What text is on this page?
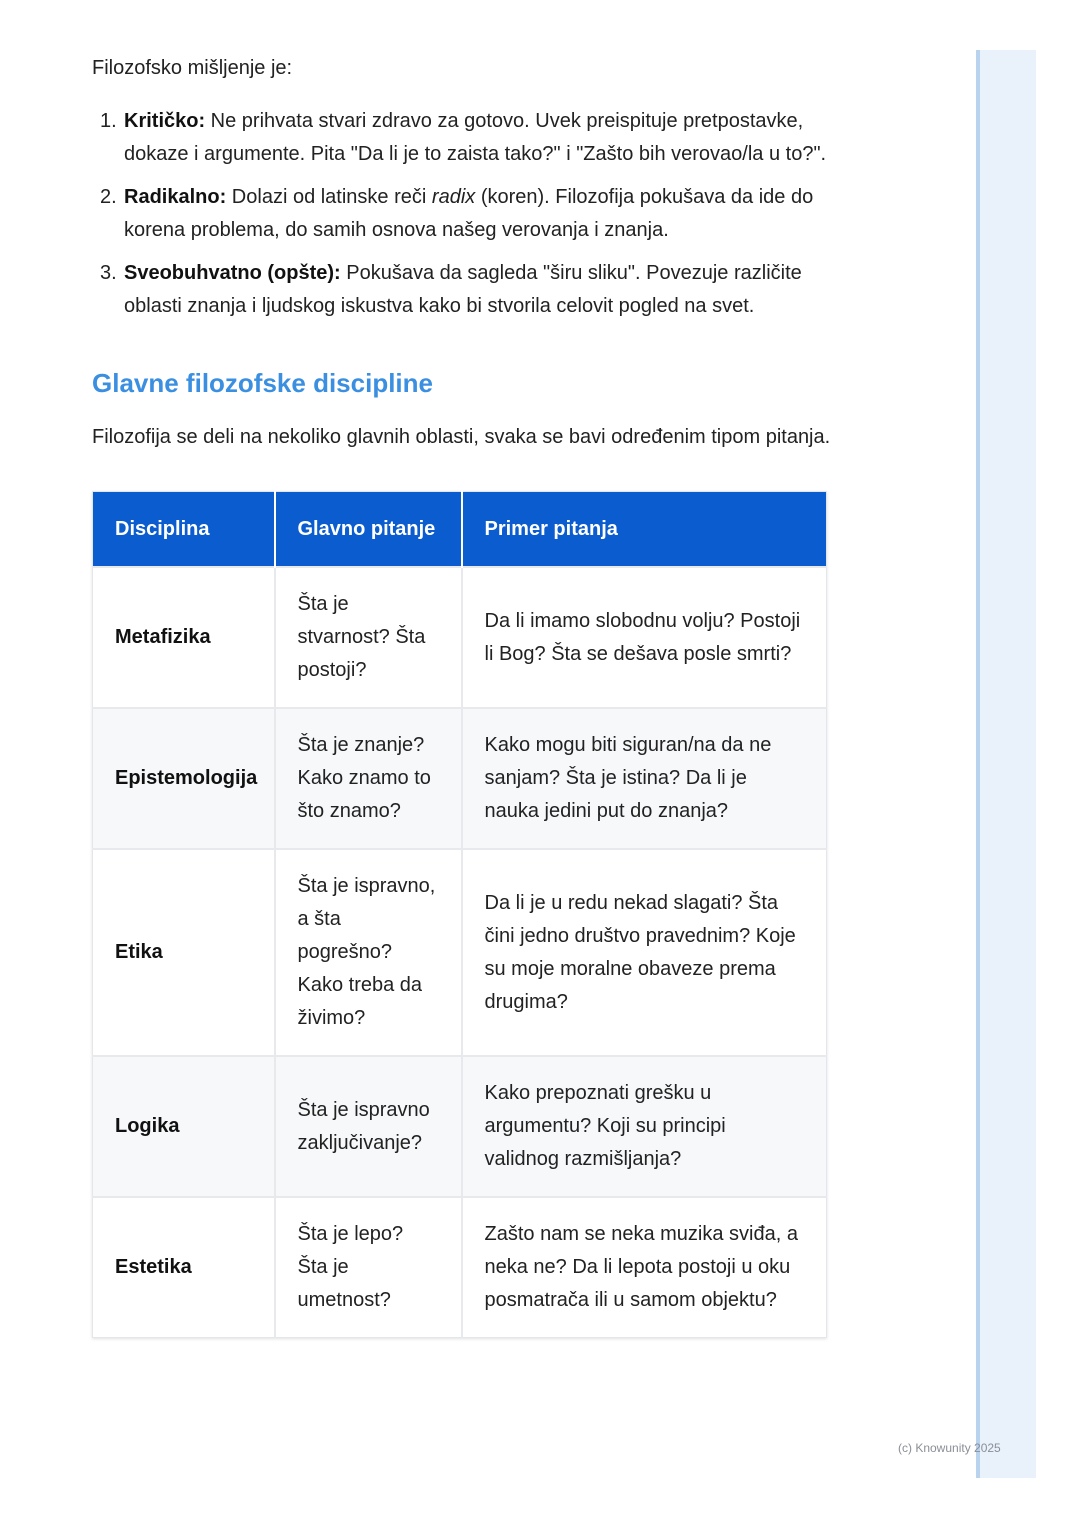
Filozofsko mišljenje je:

1. Kritičko: Ne prihvata stvari zdravo za gotovo. Uvek preispituje pretpostavke, dokaze i argumente. Pita "Da li je to zaista tako?" i "Zašto bih verovao/la u to?".
2. Radikalno: Dolazi od latinske reči radix (koren). Filozofija pokušava da ide do korena problema, do samih osnova našeg verovanja i znanja.
3. Sveobuhvatno (opšte): Pokušava da sagleda "širu sliku". Povezuje različite oblasti znanja i ljudskog iskustva kako bi stvorila celovit pogled na svet.
Glavne filozofske discipline

Filozofija se deli na nekoliko glavnih oblasti, svaka se bavi određenim tipom pitanja.

Disciplina	Glavno pitanje	Primer pitanja
Metafizika	Šta je stvarnost? Šta postoji?	Da li imamo slobodnu volju? Postoji li Bog? Šta se dešava posle smrti?
Epistemologija	Šta je znanje? Kako znamo to što znamo?	Kako mogu biti siguran/na da ne sanjam? Šta je istina? Da li je nauka jedini put do znanja?
Etika	Šta je ispravno, a šta pogrešno? Kako treba da živimo?	Da li je u redu nekad slagati? Šta čini jedno društvo pravednim? Koje su moje moralne obaveze prema drugima?
Logika	Šta je ispravno zaključivanje?	Kako prepoznati grešku u argumentu? Koji su principi validnog razmišljanja?
Estetika	Šta je lepo? Šta je umetnost?	Zašto nam se neka muzika sviđa, a neka ne? Da li lepota postoji u oku posmatrača ili u samom objektu?
(c) Knowunity 2025
